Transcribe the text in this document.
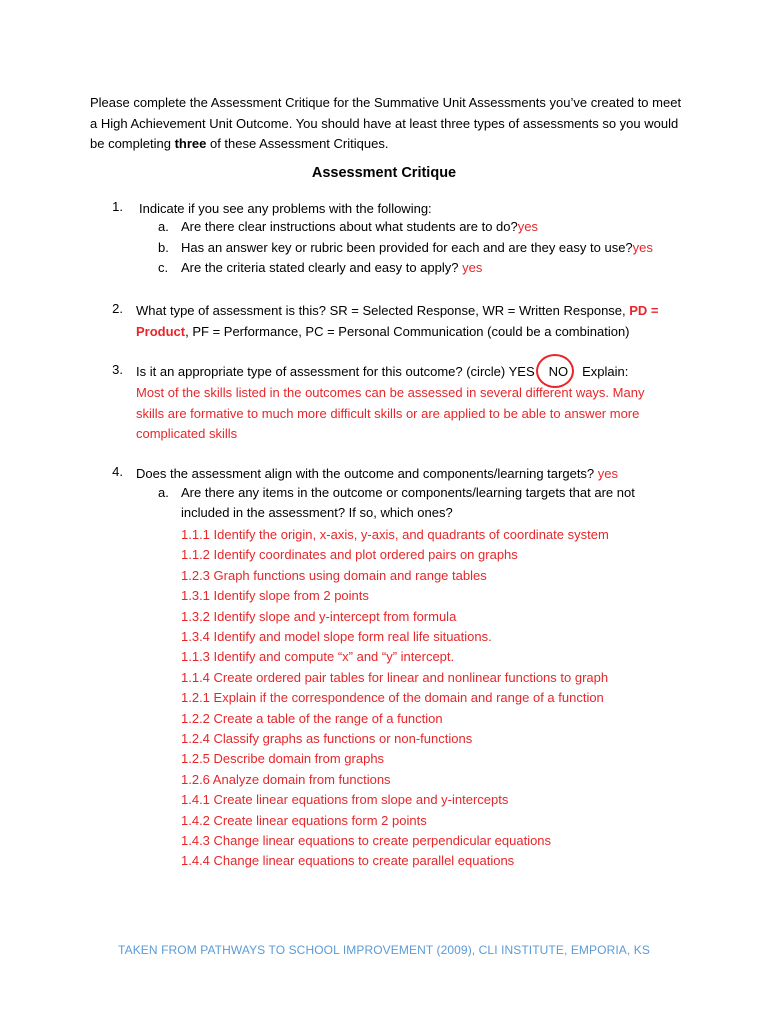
Please complete the Assessment Critique for the Summative Unit Assessments you’ve created to meet a High Achievement Unit Outcome. You should have at least three types of assessments so you would be completing three of these Assessment Critiques.
Assessment Critique
1. Indicate if you see any problems with the following:
a. Are there clear instructions about what students are to do?yes
b. Has an answer key or rubric been provided for each and are they easy to use?yes
c. Are the criteria stated clearly and easy to apply? yes
2. What type of assessment is this? SR = Selected Response, WR = Written Response, PD = Product, PF = Performance, PC = Personal Communication (could be a combination)
3. Is it an appropriate type of assessment for this outcome? (circle) YES NO Explain:
Most of the skills listed in the outcomes can be assessed in several different ways. Many skills are formative to much more difficult skills or are applied to be able to answer more complicated skills
4. Does the assessment align with the outcome and components/learning targets? yes
a. Are there any items in the outcome or components/learning targets that are not
included in the assessment? If so, which ones?
1.1.1 Identify the origin, x-axis, y-axis, and quadrants of coordinate system
1.1.2 Identify coordinates and plot ordered pairs on graphs
1.2.3 Graph functions using domain and range tables
1.3.1 Identify slope from 2 points
1.3.2 Identify slope and y-intercept from formula
1.3.4 Identify and model slope form real life situations.
1.1.3 Identify and compute “x” and “y” intercept.
1.1.4 Create ordered pair tables for linear and nonlinear functions to graph
1.2.1 Explain if the correspondence of the domain and range of a function
1.2.2 Create a table of the range of a function
1.2.4 Classify graphs as functions or non-functions
1.2.5 Describe domain from graphs
1.2.6 Analyze domain from functions
1.4.1 Create linear equations from slope and y-intercepts
1.4.2 Create linear equations form 2 points
1.4.3 Change linear equations to create perpendicular equations
1.4.4 Change linear equations to create parallel equations
TAKEN FROM PATHWAYS TO SCHOOL IMPROVEMENT (2009), CLI INSTITUTE, EMPORIA, KS
